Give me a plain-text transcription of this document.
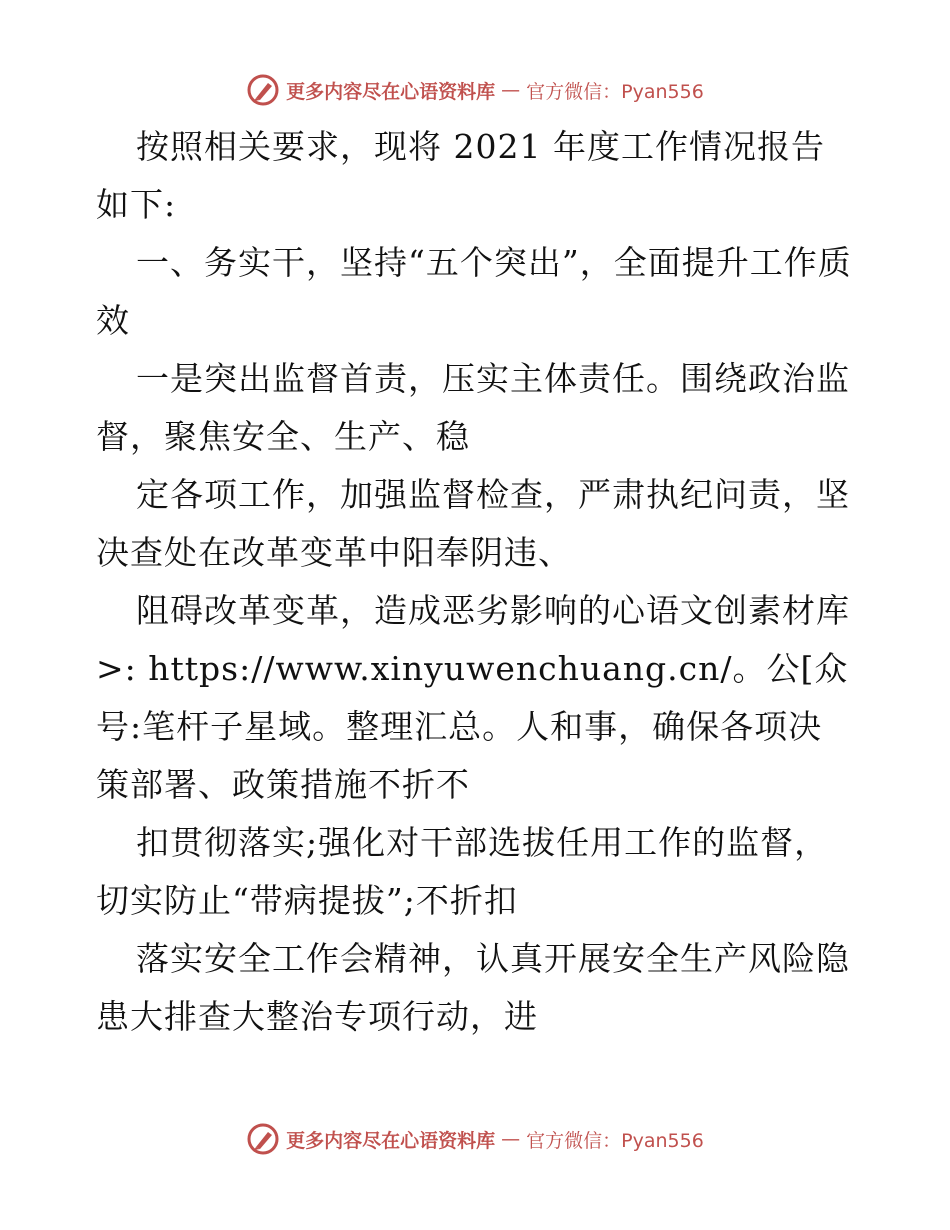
更多内容尽在心语资料库 — 官方微信：Pyan556

按照相关要求，现将 2021 年度工作情况报告如下:

一、务实干，坚持“五个突出”，全面提升工作质效

一是突出监督首责，压实主体责任。围绕政治监督，聚焦安全、生产、稳

定各项工作，加强监督检查，严肃执纪问责，坚决查处在改革变革中阳奉阴违、

阻碍改革变革，造成恶劣影响的心语文创素材库>: https://www.xinyuwenchuang.cn/。公[众号:笔杆子星域。整理汇总。人和事，确保各项决策部署、政策措施不折不

扣贯彻落实;强化对干部选拔任用工作的监督，切实防止“带病提拔”;不折扣

落实安全工作会精神，认真开展安全生产风险隐患大排查大整治专项行动，进

更多内容尽在心语资料库 — 官方微信：Pyan556
